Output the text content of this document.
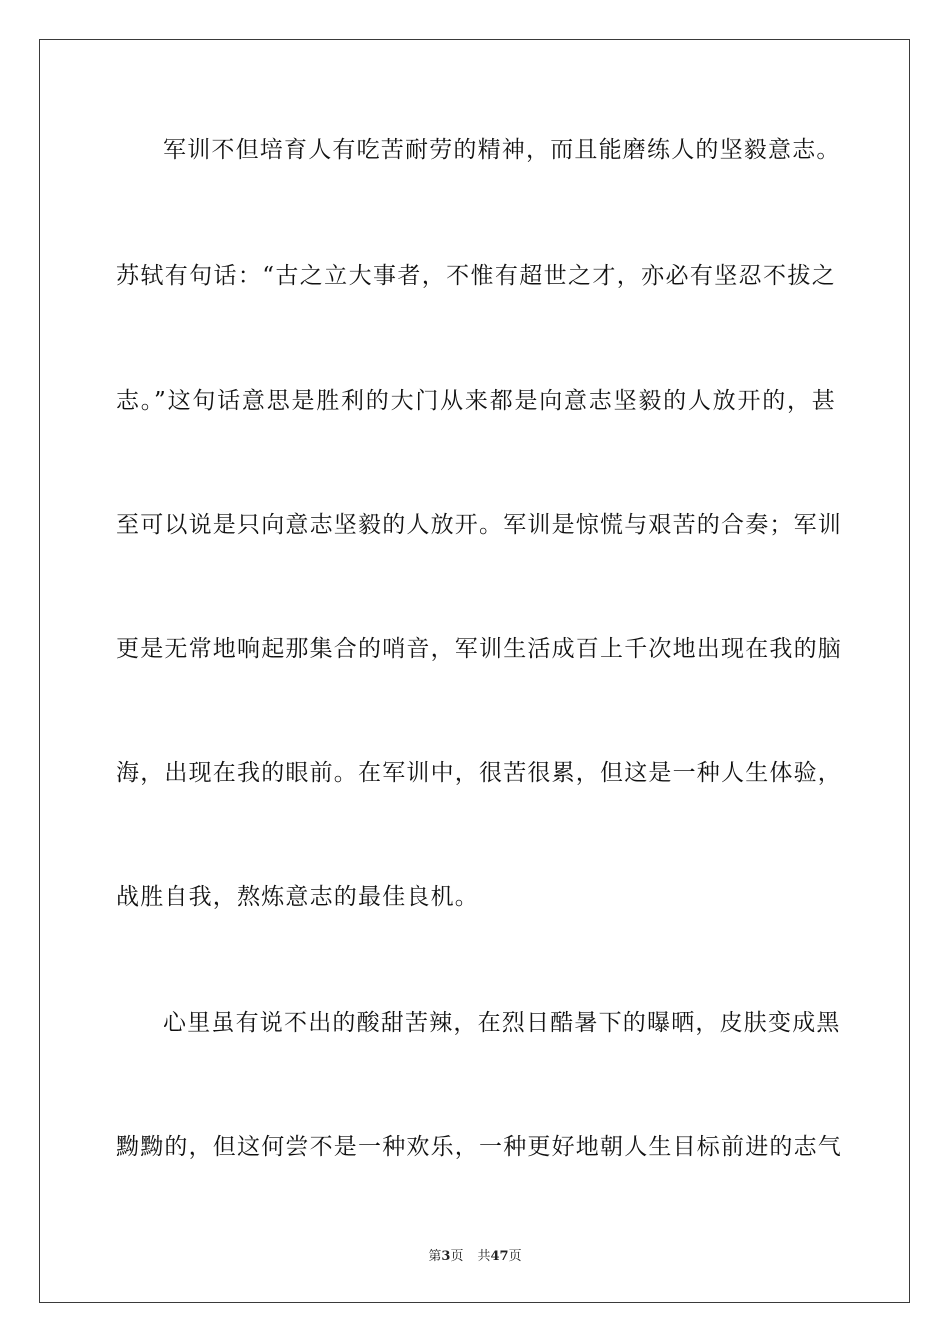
军训不但培育人有吃苦耐劳的精神，而且能磨练人的坚毅意志。
苏轼有句话：“古之立大事者，不惟有超世之才，亦必有坚忍不拔之
志。”这句话意思是胜利的大门从来都是向意志坚毅的人放开的，甚
至可以说是只向意志坚毅的人放开。军训是惊慌与艰苦的合奏；军训
更是无常地响起那集合的哨音，军训生活成百上千次地出现在我的脑
海，出现在我的眼前。在军训中，很苦很累，但这是一种人生体验，
战胜自我，熬炼意志的最佳良机。
心里虽有说不出的酸甜苦辣，在烈日酷暑下的曝晒，皮肤变成黑
黝黝的，但这何尝不是一种欢乐，一种更好地朝人生目标前进的志气
第3页 共47页
